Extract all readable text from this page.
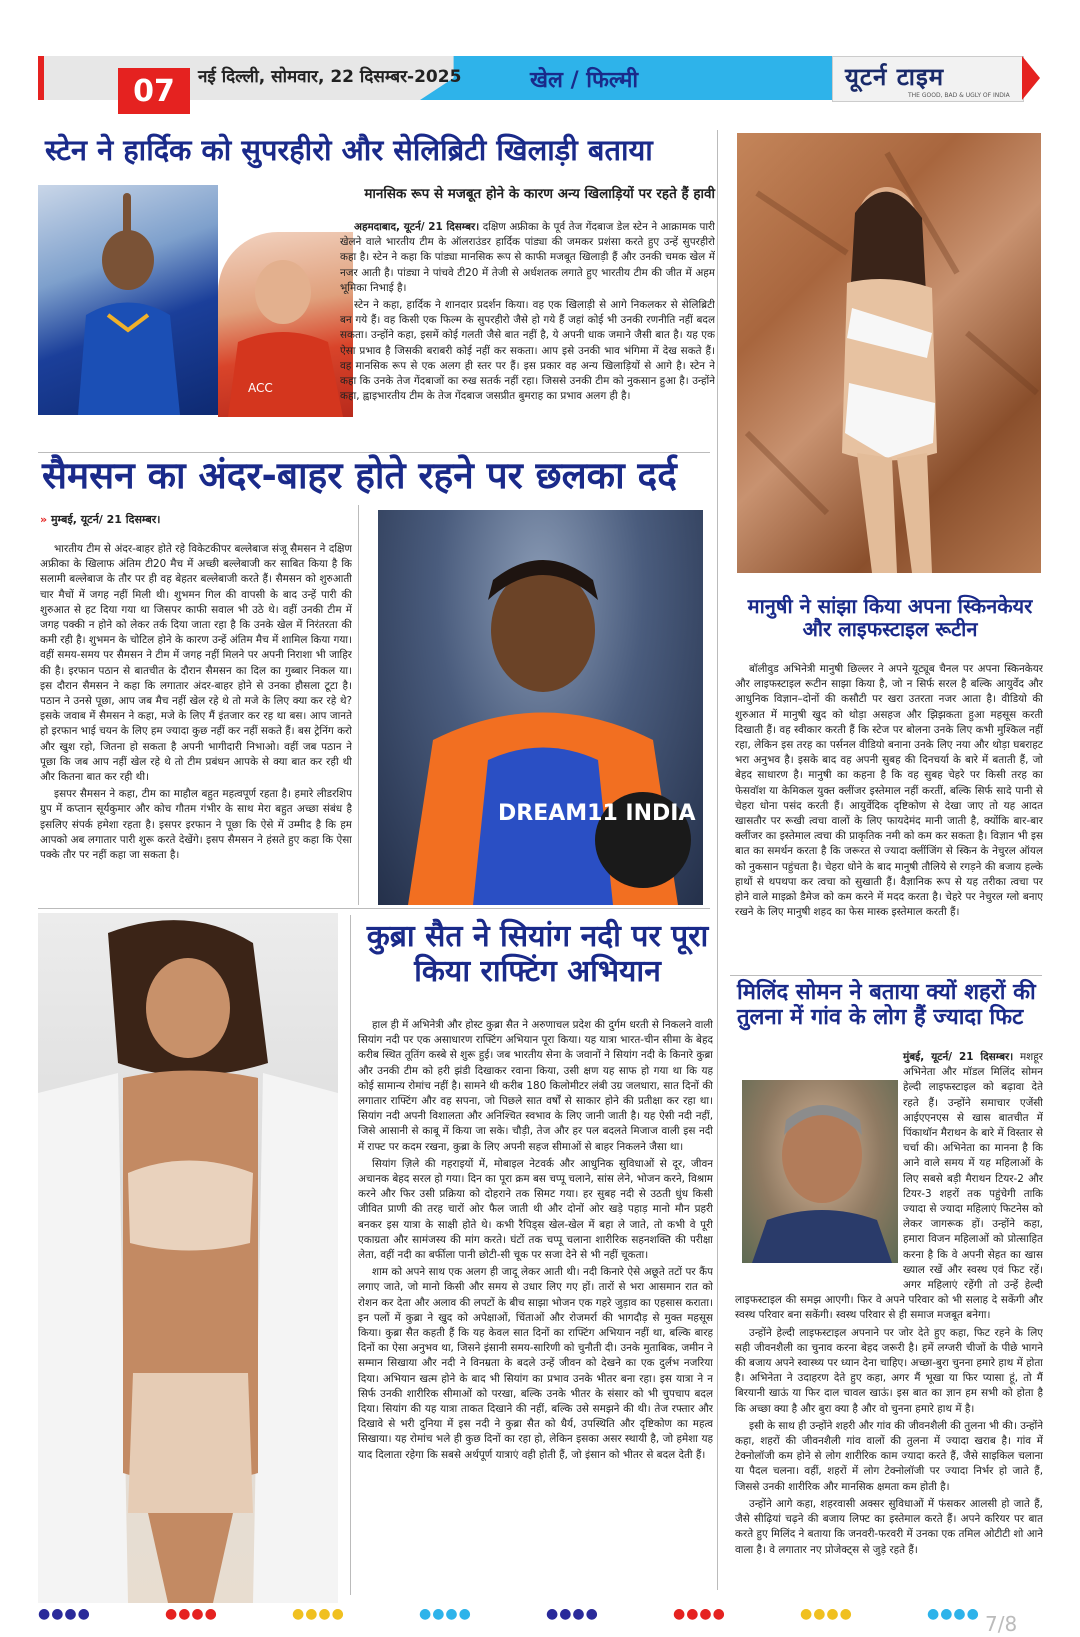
07	नई दिल्ली, सोमवार, 22 दिसम्बर-2025	खेल / फिल्मी	यूटर्न टाइम
THE GOOD, BAD & UGLY OF INDIA
स्टेन ने हार्दिक को सुपरहीरो और सेलिब्रिटी खिलाड़ी बताया
मानसिक रूप से मजबूत होने के कारण अन्य खिलाड़ियों पर रहते हैं हावी
ACC

अहमदाबाद, यूटर्न/ 21 दिसम्बर। दक्षिण अफ्रीका के पूर्व तेज गेंदबाज डेल स्टेन ने आक्रामक पारी खेलने वाले भारतीय टीम के ऑलराउंडर हार्दिक पांड्या की जमकर प्रशंसा करते हुए उन्हें सुपरहीरो कहा है। स्टेन ने कहा कि पांड्या मानसिक रूप से काफी मजबूत खिलाड़ी हैं और उनकी चमक खेल में नजर आती है। पांड्या ने पांचवे टी20 में तेजी से अर्धशतक लगाते हुए भारतीय टीम की जीत में अहम भूमिका निभाई है।

स्टेन ने कहा, हार्दिक ने शानदार प्रदर्शन किया। वह एक खिलाड़ी से आगे निकलकर से सेलिब्रिटी बन गये हैं। वह किसी एक फिल्म के सुपरहीरो जैसे हो गये हैं जहां कोई भी उनकी रणनीति नहीं बदल सकता। उन्होंने कहा, इसमें कोई गलती जैसे बात नहीं है, ये अपनी धाक जमाने जैसी बात है। यह एक ऐसा प्रभाव है जिसकी बराबरी कोई नहीं कर सकता। आप इसे उनकी भाव भंगिमा में देख सकते हैं। वह मानसिक रूप से एक अलग ही स्तर पर हैं। इस प्रकार वह अन्य खिलाड़ियों से आगे है। स्टेन ने कहा कि उनके तेज गेंदबाजों का रुख सतर्क नहीं रहा। जिससे उनकी टीम को नुकसान हुआ है। उन्होंने कहा, ह्वाइभारतीय टीम के तेज गेंदबाज जसप्रीत बुमराह का प्रभाव अलग ही है।

सैमसन का अंदर-बाहर होते रहने पर छलका दर्द
» मुम्बई, यूटर्न/ 21 दिसम्बर।

भारतीय टीम से अंदर-बाहर होते रहे विकेटकीपर बल्लेबाज संजू सैमसन ने दक्षिण अफ्रीका के खिलाफ अंतिम टी20 मैच में अच्छी बल्लेबाजी कर साबित किया है कि सलामी बल्लेबाज के तौर पर ही वह बेहतर बल्लेबाजी करते हैं। सैमसन को शुरुआती चार मैचों में जगह नहीं मिली थी। शुभमन गिल की वापसी के बाद उन्हें पारी की शुरुआत से हट दिया गया था जिसपर काफी सवाल भी उठे थे। वहीं उनकी टीम में जगह पक्की न होने को लेकर तर्क दिया जाता रहा है कि उनके खेल में निरंतरता की कमी रही है। शुभमन के चोटिल होने के कारण उन्हें अंतिम मैच में शामिल किया गया। वहीं समय-समय पर सैमसन ने टीम में जगह नहीं मिलने पर अपनी निराशा भी जाहिर की है। इरफान पठान से बातचीत के दौरान सैमसन का दिल का गुब्बार निकल या। इस दौरान सैमसन ने कहा कि लगातार अंदर-बाहर होने से उनका हौसला टूटा है। पठान ने उनसे पूछा, आप जब मैच नहीं खेल रहे थे तो मजे के लिए क्या कर रहे थे? इसके जवाब में सैमसन ने कहा, मजे के लिए मैं इंतजार कर रह था बस। आप जानते हो इरफान भाई चयन के लिए हम ज्यादा कुछ नहीं कर नहीं सकते हैं। बस ट्रेनिंग करो और खुश रहो, जितना हो सकता है अपनी भागीदारी निभाओ। वहीं जब पठान ने पूछा कि जब आप नहीं खेल रहे थे तो टीम प्रबंधन आपके से क्या बात कर रही थी और कितना बात कर रही थी।

इसपर सैमसन ने कहा, टीम का माहौल बहुत महत्वपूर्ण रहता है। हमारे लीडरशिप ग्रुप में कप्तान सूर्यकुमार और कोच गौतम गंभीर के साथ मेरा बहुत अच्छा संबंध है इसलिए संपर्क हमेशा रहता है। इसपर इरफान ने पूछा कि ऐसे में उम्मीद है कि हम आपको अब लगातार पारी शुरू करते देखेंगे। इसप सैमसन ने हंसते हुए कहा कि ऐसा पक्के तौर पर नहीं कहा जा सकता है।

DREAM11 INDIA
मानुषी ने सांझा किया अपना स्किनकेयर और लाइफस्टाइल रूटीन

बॉलीवुड अभिनेत्री मानुषी छिल्लर ने अपने यूट्यूब चैनल पर अपना स्किनकेयर और लाइफस्टाइल रूटीन साझा किया है, जो न सिर्फ सरल है बल्कि आयुर्वेद और आधुनिक विज्ञान–दोनों की कसौटी पर खरा उतरता नजर आता है। वीडियो की शुरुआत में मानुषी खुद को थोड़ा असहज और झिझकता हुआ महसूस करती दिखाती हैं। वह स्वीकार करती हैं कि स्टेज पर बोलना उनके लिए कभी मुश्किल नहीं रहा, लेकिन इस तरह का पर्सनल वीडियो बनाना उनके लिए नया और थोड़ा घबराहट भरा अनुभव है। इसके बाद वह अपनी सुबह की दिनचर्या के बारे में बताती हैं, जो बेहद साधारण है। मानुषी का कहना है कि वह सुबह चेहरे पर किसी तरह का फेसवॉश या केमिकल युक्त क्लींजर इस्तेमाल नहीं करतीं, बल्कि सिर्फ सादे पानी से चेहरा धोना पसंद करती हैं। आयुर्वेदिक दृष्टिकोण से देखा जाए तो यह आदत खासतौर पर रूखी त्वचा वालों के लिए फायदेमंद मानी जाती है, क्योंकि बार-बार क्लींजर का इस्तेमाल त्वचा की प्राकृतिक नमी को कम कर सकता है। विज्ञान भी इस बात का समर्थन करता है कि जरूरत से ज्यादा क्लींजिंग से स्किन के नेचुरल ऑयल को नुकसान पहुंचता है। चेहरा धोने के बाद मानुषी तौलिये से रगड़ने की बजाय हल्के हाथों से थपथपा कर त्वचा को सुखाती हैं। वैज्ञानिक रूप से यह तरीका त्वचा पर होने वाले माइक्रो डैमेज को कम करने में मदद करता है। चेहरे पर नेचुरल ग्लो बनाए रखने के लिए मानुषी शहद का फेस मास्क इस्तेमाल करती हैं।

कुब्रा सैत ने सियांग नदी पर पूरा किया राफ्टिंग अभियान

हाल ही में अभिनेत्री और होस्ट कुब्रा सैत ने अरुणाचल प्रदेश की दुर्गम धरती से निकलने वाली सियांग नदी पर एक असाधारण राफ्टिंग अभियान पूरा किया। यह यात्रा भारत-चीन सीमा के बेहद करीब स्थित तूतिंग कस्बे से शुरू हुई। जब भारतीय सेना के जवानों ने सियांग नदी के किनारे कुब्रा और उनकी टीम को हरी झंडी दिखाकर रवाना किया, उसी क्षण यह साफ हो गया था कि यह कोई सामान्य रोमांच नहीं है। सामने थी करीब 180 किलोमीटर लंबी उग्र जलधारा, सात दिनों की लगातार राफ्टिंग और वह सपना, जो पिछले सात वर्षों से साकार होने की प्रतीक्षा कर रहा था। सियांग नदी अपनी विशालता और अनिश्चित स्वभाव के लिए जानी जाती है। यह ऐसी नदी नहीं, जिसे आसानी से काबू में किया जा सके। चौड़ी, तेज और हर पल बदलते मिजाज वाली इस नदी में राफ्ट पर कदम रखना, कुब्रा के लिए अपनी सहज सीमाओं से बाहर निकलने जैसा था।

सियांग ज़िले की गहराइयों में, मोबाइल नेटवर्क और आधुनिक सुविधाओं से दूर, जीवन अचानक बेहद सरल हो गया। दिन का पूरा क्रम बस चप्पू चलाने, सांस लेने, भोजन करने, विश्राम करने और फिर उसी प्रक्रिया को दोहराने तक सिमट गया। हर सुबह नदी से उठती धुंध किसी जीवित प्राणी की तरह चारों ओर फैल जाती थी और दोनों ओर खड़े पहाड़ मानो मौन प्रहरी बनकर इस यात्रा के साक्षी होते थे। कभी रैपिड्स खेल-खेल में बहा ले जाते, तो कभी वे पूरी एकाग्रता और सामंजस्य की मांग करते। घंटों तक चप्पू चलाना शारीरिक सहनशक्ति की परीक्षा लेता, वहीं नदी का बर्फीला पानी छोटी-सी चूक पर सजा देने से भी नहीं चूकता।

शाम को अपने साथ एक अलग ही जादू लेकर आती थी। नदी किनारे ऐसे अछूते तटों पर कैंप लगाए जाते, जो मानो किसी और समय से उधार लिए गए हों। तारों से भरा आसमान रात को रोशन कर देता और अलाव की लपटों के बीच साझा भोजन एक गहरे जुड़ाव का एहसास कराता। इन पलों में कुब्रा ने खुद को अपेक्षाओं, चिंताओं और रोजमर्रा की भागदौड़ से मुक्त महसूस किया। कुब्रा सैत कहती हैं कि यह केवल सात दिनों का राफ्टिंग अभियान नहीं था, बल्कि बारह दिनों का ऐसा अनुभव था, जिसने इंसानी समय-सारिणी को चुनौती दी। उनके मुताबिक, जमीन ने सम्मान सिखाया और नदी ने विनम्रता के बदले उन्हें जीवन को देखने का एक दुर्लभ नजरिया दिया। अभियान खत्म होने के बाद भी सियांग का प्रभाव उनके भीतर बना रहा। इस यात्रा ने न सिर्फ उनकी शारीरिक सीमाओं को परखा, बल्कि उनके भीतर के संसार को भी चुपचाप बदल दिया। सियांग की यह यात्रा ताकत दिखाने की नहीं, बल्कि उसे समझने की थी। तेज रफ्तार और दिखावे से भरी दुनिया में इस नदी ने कुब्रा सैत को धैर्य, उपस्थिति और दृष्टिकोण का महत्व सिखाया। यह रोमांच भले ही कुछ दिनों का रहा हो, लेकिन इसका असर स्थायी है, जो हमेशा यह याद दिलाता रहेगा कि सबसे अर्थपूर्ण यात्राएं वही होती हैं, जो इंसान को भीतर से बदल देती हैं।

मिलिंद सोमन ने बताया क्यों शहरों की तुलना में गांव के लोग हैं ज्यादा फिट

मुंबई, यूटर्न/ 21 दिसम्बर। मशहूर अभिनेता और मॉडल मिलिंद सोमन हेल्दी लाइफस्टाइल को बढ़ावा देते रहते हैं। उन्होंने समाचार एजेंसी आईएएनएस से खास बातचीत में पिंकाथॉन मैराथन के बारे में विस्तार से चर्चा की। अभिनेता का मानना है कि आने वाले समय में यह महिलाओं के लिए सबसे बड़ी मैराथन टियर-2 और टियर-3 शहरों तक पहुंचेगी ताकि ज्यादा से ज्यादा महिलाएं फिटनेस को लेकर जागरूक हों। उन्होंने कहा, हमारा विजन महिलाओं को प्रोत्साहित करना है कि वे अपनी सेहत का खास ख्याल रखें और स्वस्थ एवं फिट रहें। अगर महिलाएं रहेंगी तो उन्हें हेल्दी लाइफस्टाइल की समझ आएगी। फिर वे अपने परिवार को भी सलाह दे सकेंगी और स्वस्थ परिवार बना सकेंगी। स्वस्थ परिवार से ही समाज मजबूत बनेगा।

उन्होंने हेल्दी लाइफस्टाइल अपनाने पर जोर देते हुए कहा, फिट रहने के लिए सही जीवनशैली का चुनाव करना बेहद जरूरी है। हमें लग्जरी चीजों के पीछे भागने की बजाय अपने स्वास्थ्य पर ध्यान देना चाहिए। अच्छा-बुरा चुनना हमारे हाथ में होता है। अभिनेता ने उदाहरण देते हुए कहा, अगर मैं भूखा या फिर प्यासा हूं, तो मैं बिरयानी खाऊं या फिर दाल चावल खाऊं। इस बात का ज्ञान हम सभी को होता है कि अच्छा क्या है और बुरा क्या है और वो चुनना हमारे हाथ में है।

इसी के साथ ही उन्होंने शहरी और गांव की जीवनशैली की तुलना भी की। उन्होंने कहा, शहरों की जीवनशैली गांव वालों की तुलना में ज्यादा खराब है। गांव में टेक्नोलॉजी कम होने से लोग शारीरिक काम ज्यादा करते हैं, जैसे साइकिल चलाना या पैदल चलना। वहीं, शहरों में लोग टेक्नोलॉजी पर ज्यादा निर्भर हो जाते हैं, जिससे उनकी शारीरिक और मानसिक क्षमता कम होती है।

उन्होंने आगे कहा, शहरवासी अक्सर सुविधाओं में फंसकर आलसी हो जाते हैं, जैसे सीढ़ियां चढ़ने की बजाय लिफ्ट का इस्तेमाल करते हैं। अपने करियर पर बात करते हुए मिलिंद ने बताया कि जनवरी-फरवरी में उनका एक तमिल ओटीटी शो आने वाला है। वे लगातार नए प्रोजेक्ट्स से जुड़े रहते हैं।

●●●●	●●●●	●●●●	●●●●	●●●●	●●●●	●●●●	●●●● 7/8
